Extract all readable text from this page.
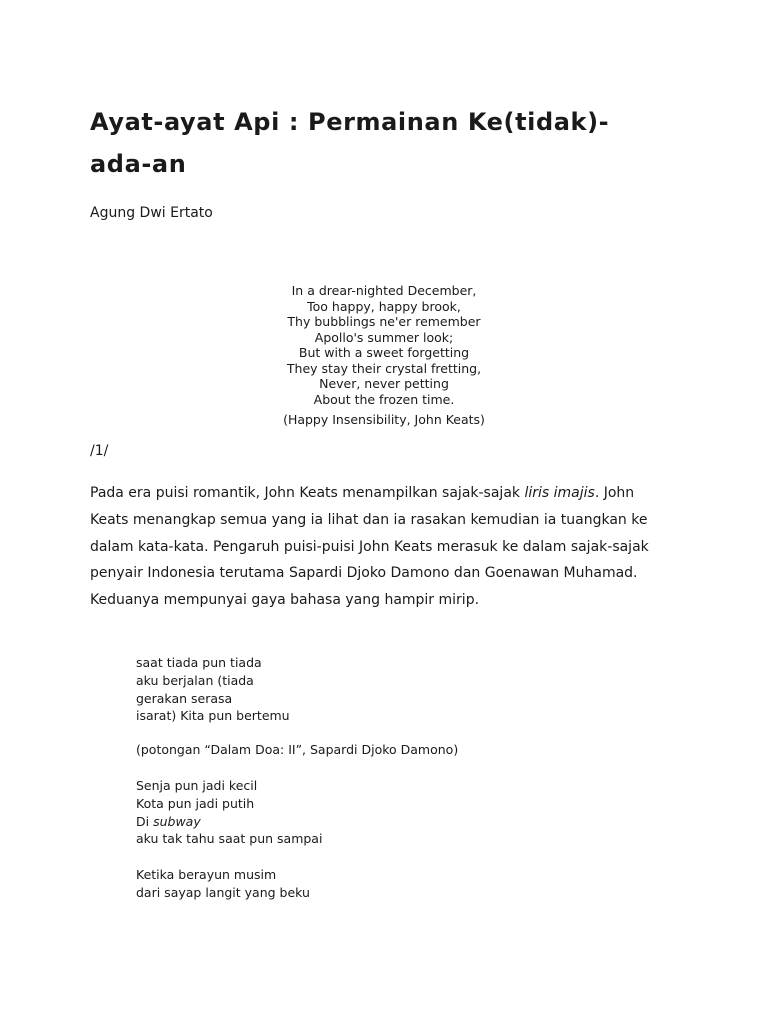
Ayat-ayat Api : Permainan Ke(tidak)-ada-an

Agung Dwi Ertato

In a drear-nighted December,
Too happy, happy brook,
Thy bubblings ne'er remember
Apollo's summer look;
But with a sweet forgetting
They stay their crystal fretting,
Never, never petting
About the frozen time.
(Happy Insensibility, John Keats)

/1/

Pada era puisi romantik, John Keats menampilkan sajak-sajak liris imajis. John Keats menangkap semua yang ia lihat dan ia rasakan kemudian ia tuangkan ke dalam kata-kata. Pengaruh puisi-puisi John Keats merasuk ke dalam sajak-sajak penyair Indonesia terutama Sapardi Djoko Damono dan Goenawan Muhamad. Keduanya mempunyai gaya bahasa yang hampir mirip.

saat tiada pun tiada
aku berjalan (tiada
gerakan serasa
isarat) Kita pun bertemu
(potongan “Dalam Doa: II”, Sapardi Djoko Damono)
Senja pun jadi kecil
Kota pun jadi putih
Di subway
aku tak tahu saat pun sampai
Ketika berayun musim
dari sayap langit yang beku
